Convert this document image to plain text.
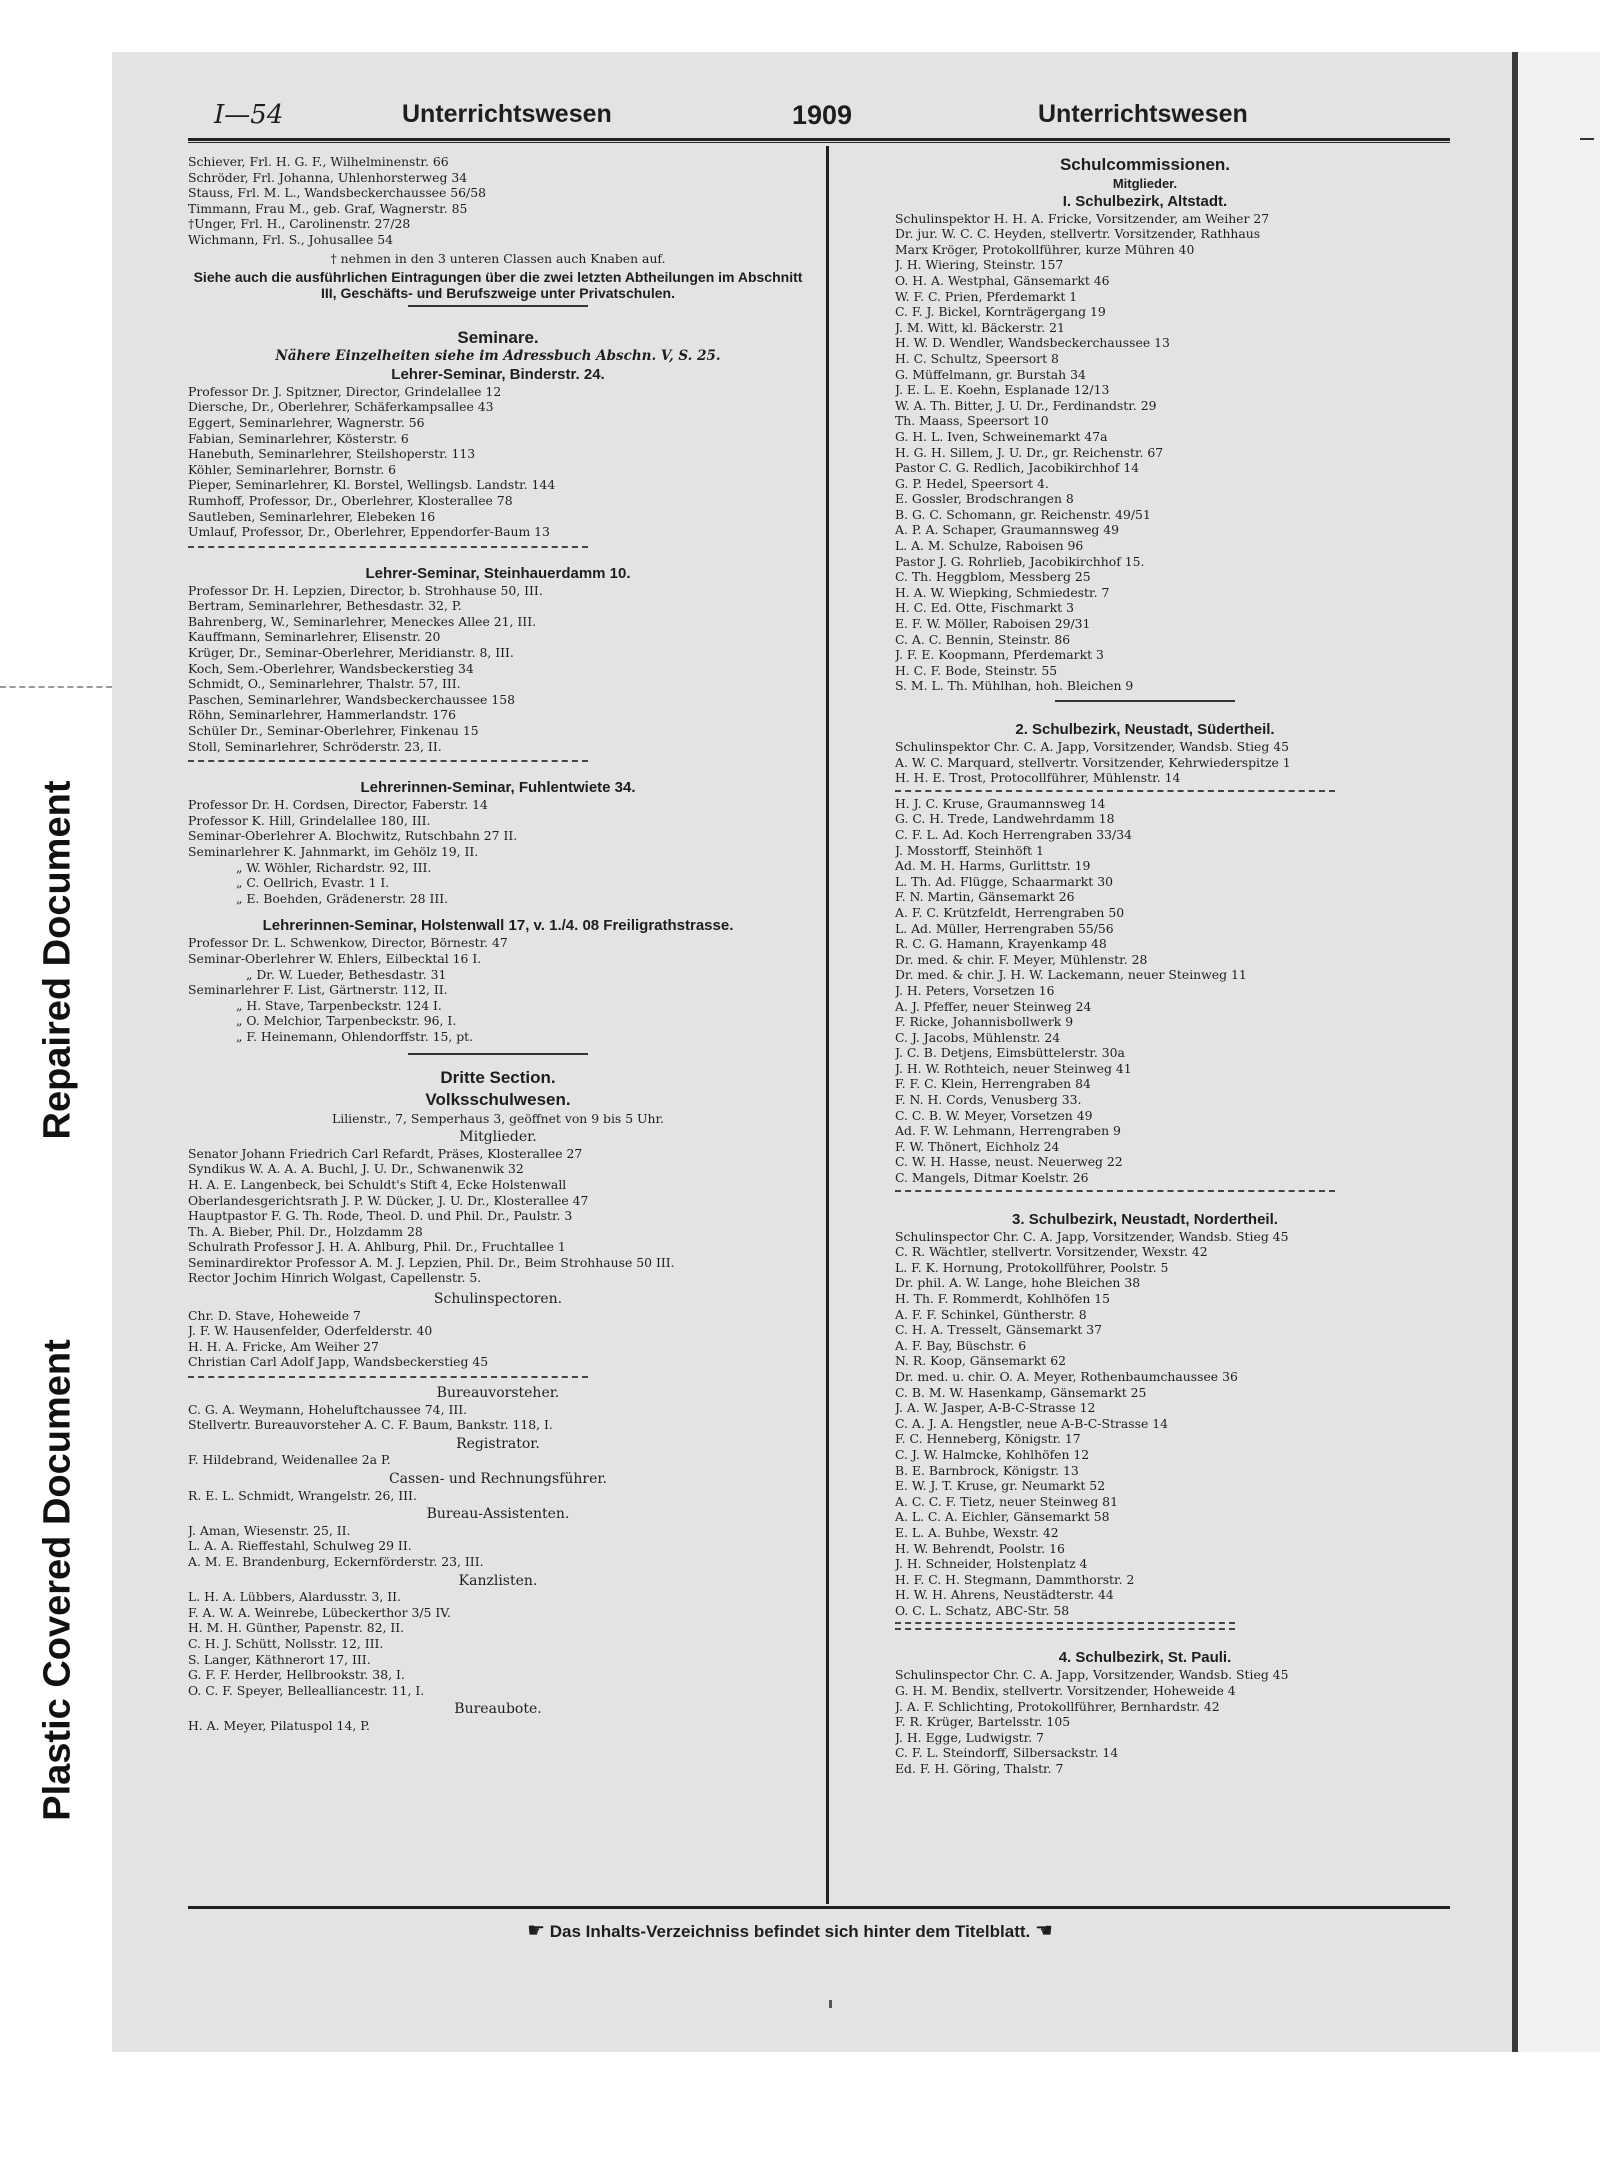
Repaired Document
Plastic Covered Document
I—54	Unterrichtswesen	1909	Unterrichtswesen
Schiever, Frl. H. G. F., Wilhelminenstr. 66
Schröder, Frl. Johanna, Uhlenhorsterweg 34
Stauss, Frl. M. L., Wandsbeckerchaussee 56/58
Timmann, Frau M., geb. Graf, Wagnerstr. 85
†Unger, Frl. H., Carolinenstr. 27/28
Wichmann, Frl. S., Johusallee 54
† nehmen in den 3 unteren Classen auch Knaben auf.
Siehe auch die ausführlichen Eintragungen über die zwei letzten Abtheilungen im Abschnitt III, Geschäfts- und Berufszweige unter Privatschulen.
Seminare.
Nähere Einzelheiten siehe im Adressbuch Abschn. V, S. 25.
Lehrer-Seminar, Binderstr. 24.
Professor Dr. J. Spitzner, Director, Grindelallee 12
Diersche, Dr., Oberlehrer, Schäferkampsallee 43
Eggert, Seminarlehrer, Wagnerstr. 56
Fabian, Seminarlehrer, Kösterstr. 6
Hanebuth, Seminarlehrer, Steilshoperstr. 113
Köhler, Seminarlehrer, Bornstr. 6
Pieper, Seminarlehrer, Kl. Borstel, Wellingsb. Landstr. 144
Rumhoff, Professor, Dr., Oberlehrer, Klosterallee 78
Sautleben, Seminarlehrer, Elebeken 16
Umlauf, Professor, Dr., Oberlehrer, Eppendorfer-Baum 13
Lehrer-Seminar, Steinhauerdamm 10.
Professor Dr. H. Lepzien, Director, b. Strohhause 50, III.
Bertram, Seminarlehrer, Bethesdastr. 32, P.
Bahrenberg, W., Seminarlehrer, Meneckes Allee 21, III.
Kauffmann, Seminarlehrer, Elisenstr. 20
Krüger, Dr., Seminar-Oberlehrer, Meridianstr. 8, III.
Koch, Sem.-Oberlehrer, Wandsbeckerstieg 34
Schmidt, O., Seminarlehrer, Thalstr. 57, III.
Paschen, Seminarlehrer, Wandsbeckerchaussee 158
Röhn, Seminarlehrer, Hammerlandstr. 176
Schüler Dr., Seminar-Oberlehrer, Finkenau 15
Stoll, Seminarlehrer, Schröderstr. 23, II.
Lehrerinnen-Seminar, Fuhlentwiete 34.
Professor Dr. H. Cordsen, Director, Faberstr. 14
Professor K. Hill, Grindelallee 180, III.
Seminar-Oberlehrer A. Blochwitz, Rutschbahn 27 II.
Seminarlehrer K. Jahnmarkt, im Gehölz 19, II.
„ W. Wöhler, Richardstr. 92, III.
„ C. Oellrich, Evastr. 1 I.
„ E. Boehden, Grädenerstr. 28 III.
Lehrerinnen-Seminar, Holstenwall 17, v. 1./4. 08 Freiligrathstrasse.
Professor Dr. L. Schwenkow, Director, Börnestr. 47
Seminar-Oberlehrer W. Ehlers, Eilbecktal 16 I.
„ Dr. W. Lueder, Bethesdastr. 31
Seminarlehrer F. List, Gärtnerstr. 112, II.
„ H. Stave, Tarpenbeckstr. 124 I.
„ O. Melchior, Tarpenbeckstr. 96, I.
„ F. Heinemann, Ohlendorffstr. 15, pt.
Dritte Section.
Volksschulwesen.
Lilienstr., 7, Semperhaus 3, geöffnet von 9 bis 5 Uhr.
Mitglieder.
Senator Johann Friedrich Carl Refardt, Präses, Klosterallee 27
Syndikus W. A. A. A. Buchl, J. U. Dr., Schwanenwik 32
H. A. E. Langenbeck, bei Schuldt's Stift 4, Ecke Holstenwall
Oberlandesgerichtsrath J. P. W. Dücker, J. U. Dr., Klosterallee 47
Hauptpastor F. G. Th. Rode, Theol. D. und Phil. Dr., Paulstr. 3
Th. A. Bieber, Phil. Dr., Holzdamm 28
Schulrath Professor J. H. A. Ahlburg, Phil. Dr., Fruchtallee 1
Seminardirektor Professor A. M. J. Lepzien, Phil. Dr., Beim Strohhause 50 III.
Rector Jochim Hinrich Wolgast, Capellenstr. 5.
Schulinspectoren.
Chr. D. Stave, Hoheweide 7
J. F. W. Hausenfelder, Oderfelderstr. 40
H. H. A. Fricke, Am Weiher 27
Christian Carl Adolf Japp, Wandsbeckerstieg 45
Bureauvorsteher.
C. G. A. Weymann, Hoheluftchaussee 74, III.
Stellvertr. Bureauvorsteher A. C. F. Baum, Bankstr. 118, I.
Registrator.
F. Hildebrand, Weidenallee 2a P.
Cassen- und Rechnungsführer.
R. E. L. Schmidt, Wrangelstr. 26, III.
Bureau-Assistenten.
J. Aman, Wiesenstr. 25, II.
L. A. A. Rieffestahl, Schulweg 29 II.
A. M. E. Brandenburg, Eckernförderstr. 23, III.
Kanzlisten.
L. H. A. Lübbers, Alardusstr. 3, II.
F. A. W. A. Weinrebe, Lübeckerthor 3/5 IV.
H. M. H. Günther, Papenstr. 82, II.
C. H. J. Schütt, Nollsstr. 12, III.
S. Langer, Käthnerort 17, III.
G. F. F. Herder, Hellbrookstr. 38, I.
O. C. F. Speyer, Bellealliancestr. 11, I.
Bureaubote.
H. A. Meyer, Pilatuspol 14, P.
Schulcommissionen.
Mitglieder.
I. Schulbezirk, Altstadt.
Schulinspektor H. H. A. Fricke, Vorsitzender, am Weiher 27
Dr. jur. W. C. C. Heyden, stellvertr. Vorsitzender, Rathhaus
Marx Kröger, Protokollführer, kurze Mühren 40
J. H. Wiering, Steinstr. 157
O. H. A. Westphal, Gänsemarkt 46
W. F. C. Prien, Pferdemarkt 1
C. F. J. Bickel, Kornträgergang 19
J. M. Witt, kl. Bäckerstr. 21
H. W. D. Wendler, Wandsbeckerchaussee 13
H. C. Schultz, Speersort 8
G. Müffelmann, gr. Burstah 34
J. E. L. E. Koehn, Esplanade 12/13
W. A. Th. Bitter, J. U. Dr., Ferdinandstr. 29
Th. Maass, Speersort 10
G. H. L. Iven, Schweinemarkt 47a
H. G. H. Sillem, J. U. Dr., gr. Reichenstr. 67
Pastor C. G. Redlich, Jacobikirchhof 14
G. P. Hedel, Speersort 4.
E. Gossler, Brodschrangen 8
B. G. C. Schomann, gr. Reichenstr. 49/51
A. P. A. Schaper, Graumannsweg 49
L. A. M. Schulze, Raboisen 96
Pastor J. G. Rohrlieb, Jacobikirchhof 15.
C. Th. Heggblom, Messberg 25
H. A. W. Wiepking, Schmiedestr. 7
H. C. Ed. Otte, Fischmarkt 3
E. F. W. Möller, Raboisen 29/31
C. A. C. Bennin, Steinstr. 86
J. F. E. Koopmann, Pferdemarkt 3
H. C. F. Bode, Steinstr. 55
S. M. L. Th. Mühlhan, hoh. Bleichen 9
2. Schulbezirk, Neustadt, Südertheil.
Schulinspektor Chr. C. A. Japp, Vorsitzender, Wandsb. Stieg 45
A. W. C. Marquard, stellvertr. Vorsitzender, Kehrwiederspitze 1
H. H. E. Trost, Protocollführer, Mühlenstr. 14
H. J. C. Kruse, Graumannsweg 14
G. C. H. Trede, Landwehrdamm 18
C. F. L. Ad. Koch Herrengraben 33/34
J. Mosstorff, Steinhöft 1
Ad. M. H. Harms, Gurlittstr. 19
L. Th. Ad. Flügge, Schaarmarkt 30
F. N. Martin, Gänsemarkt 26
A. F. C. Krützfeldt, Herrengraben 50
L. Ad. Müller, Herrengraben 55/56
R. C. G. Hamann, Krayenkamp 48
Dr. med. & chir. F. Meyer, Mühlenstr. 28
Dr. med. & chir. J. H. W. Lackemann, neuer Steinweg 11
J. H. Peters, Vorsetzen 16
A. J. Pfeffer, neuer Steinweg 24
F. Ricke, Johannisbollwerk 9
C. J. Jacobs, Mühlenstr. 24
J. C. B. Detjens, Eimsbüttelerstr. 30a
J. H. W. Rothteich, neuer Steinweg 41
F. F. C. Klein, Herrengraben 84
F. N. H. Cords, Venusberg 33.
C. C. B. W. Meyer, Vorsetzen 49
Ad. F. W. Lehmann, Herrengraben 9
F. W. Thönert, Eichholz 24
C. W. H. Hasse, neust. Neuerweg 22
C. Mangels, Ditmar Koelstr. 26
3. Schulbezirk, Neustadt, Nordertheil.
Schulinspector Chr. C. A. Japp, Vorsitzender, Wandsb. Stieg 45
C. R. Wächtler, stellvertr. Vorsitzender, Wexstr. 42
L. F. K. Hornung, Protokollführer, Poolstr. 5
Dr. phil. A. W. Lange, hohe Bleichen 38
H. Th. F. Rommerdt, Kohlhöfen 15
A. F. F. Schinkel, Güntherstr. 8
C. H. A. Tresselt, Gänsemarkt 37
A. F. Bay, Büschstr. 6
N. R. Koop, Gänsemarkt 62
Dr. med. u. chir. O. A. Meyer, Rothenbaumchaussee 36
C. B. M. W. Hasenkamp, Gänsemarkt 25
J. A. W. Jasper, A-B-C-Strasse 12
C. A. J. A. Hengstler, neue A-B-C-Strasse 14
F. C. Henneberg, Königstr. 17
C. J. W. Halmcke, Kohlhöfen 12
B. E. Barnbrock, Königstr. 13
E. W. J. T. Kruse, gr. Neumarkt 52
A. C. C. F. Tietz, neuer Steinweg 81
A. L. C. A. Eichler, Gänsemarkt 58
E. L. A. Buhbe, Wexstr. 42
H. W. Behrendt, Poolstr. 16
J. H. Schneider, Holstenplatz 4
H. F. C. H. Stegmann, Dammthorstr. 2
H. W. H. Ahrens, Neustädterstr. 44
O. C. L. Schatz, ABC-Str. 58
4. Schulbezirk, St. Pauli.
Schulinspector Chr. C. A. Japp, Vorsitzender, Wandsb. Stieg 45
G. H. M. Bendix, stellvertr. Vorsitzender, Hoheweide 4
J. A. F. Schlichting, Protokollführer, Bernhardstr. 42
F. R. Krüger, Bartelsstr. 105
J. H. Egge, Ludwigstr. 7
C. F. L. Steindorff, Silbersackstr. 14
Ed. F. H. Göring, Thalstr. 7
☛ Das Inhalts-Verzeichniss befindet sich hinter dem Titelblatt. ☚
